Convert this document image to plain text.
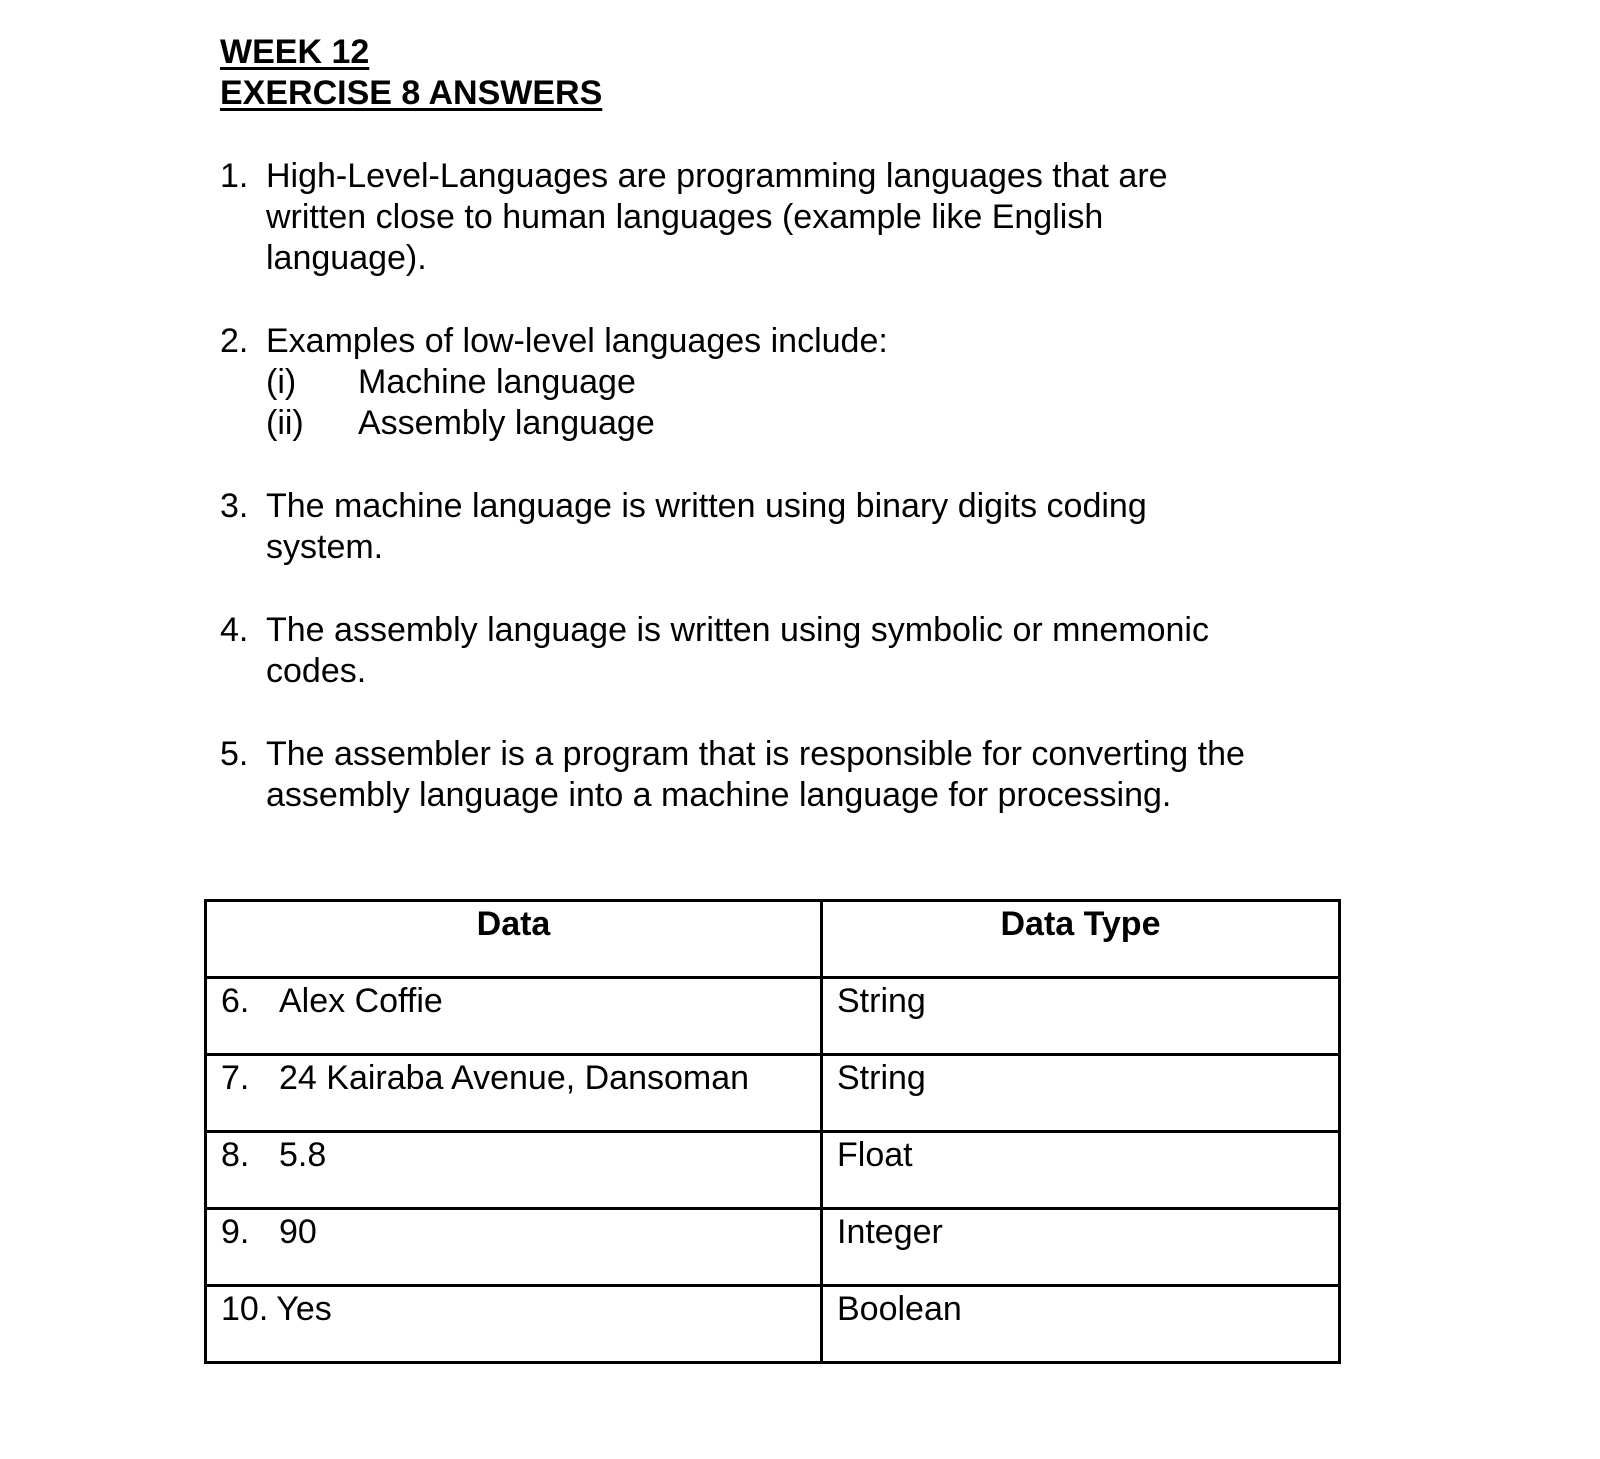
WEEK 12
EXERCISE 8 ANSWERS
1. High-Level-Languages are programming languages that are written close to human languages (example like English language).
2. Examples of low-level languages include:
(i) Machine language
(ii) Assembly language
3. The machine language is written using binary digits coding system.
4. The assembly language is written using symbolic or mnemonic codes.
5. The assembler is a program that is responsible for converting the assembly language into a machine language for processing.
Data	Data Type
6. Alex Coffie	String
7. 24 Kairaba Avenue, Dansoman	String
8. 5.8	Float
9. 90	Integer
10. Yes	Boolean
